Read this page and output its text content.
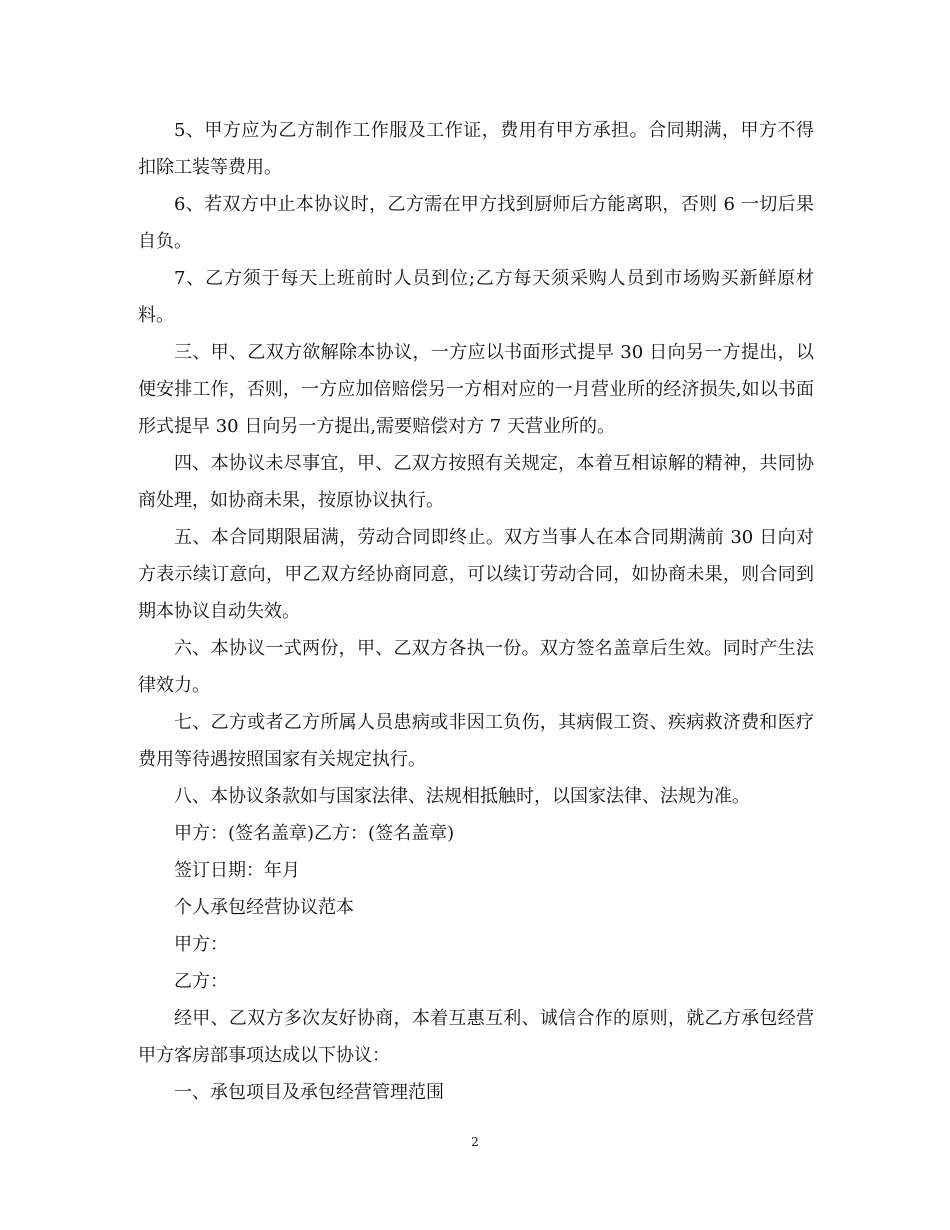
5、甲方应为乙方制作工作服及工作证，费用有甲方承担。合同期满，甲方不得扣除工装等费用。

6、若双方中止本协议时，乙方需在甲方找到厨师后方能离职，否则 6 一切后果自负。

7、乙方须于每天上班前时人员到位;乙方每天须采购人员到市场购买新鲜原材料。

三、甲、乙双方欲解除本协议，一方应以书面形式提早 30 日向另一方提出，以便安排工作，否则，一方应加倍赔偿另一方相对应的一月营业所的经济损失,如以书面形式提早 30 日向另一方提出,需要赔偿对方 7 天营业所的。

四、本协议未尽事宜，甲、乙双方按照有关规定，本着互相谅解的精神，共同协商处理，如协商未果，按原协议执行。

五、本合同期限届满，劳动合同即终止。双方当事人在本合同期满前 30 日向对方表示续订意向，甲乙双方经协商同意，可以续订劳动合同，如协商未果，则合同到期本协议自动失效。

六、本协议一式两份，甲、乙双方各执一份。双方签名盖章后生效。同时产生法律效力。

七、乙方或者乙方所属人员患病或非因工负伤，其病假工资、疾病救济费和医疗费用等待遇按照国家有关规定执行。

八、本协议条款如与国家法律、法规相抵触时，以国家法律、法规为准。

甲方：(签名盖章)乙方：(签名盖章)

签订日期：年月

个人承包经营协议范本

甲方：

乙方：

经甲、乙双方多次友好协商，本着互惠互利、诚信合作的原则，就乙方承包经营甲方客房部事项达成以下协议：

一、承包项目及承包经营管理范围

2
